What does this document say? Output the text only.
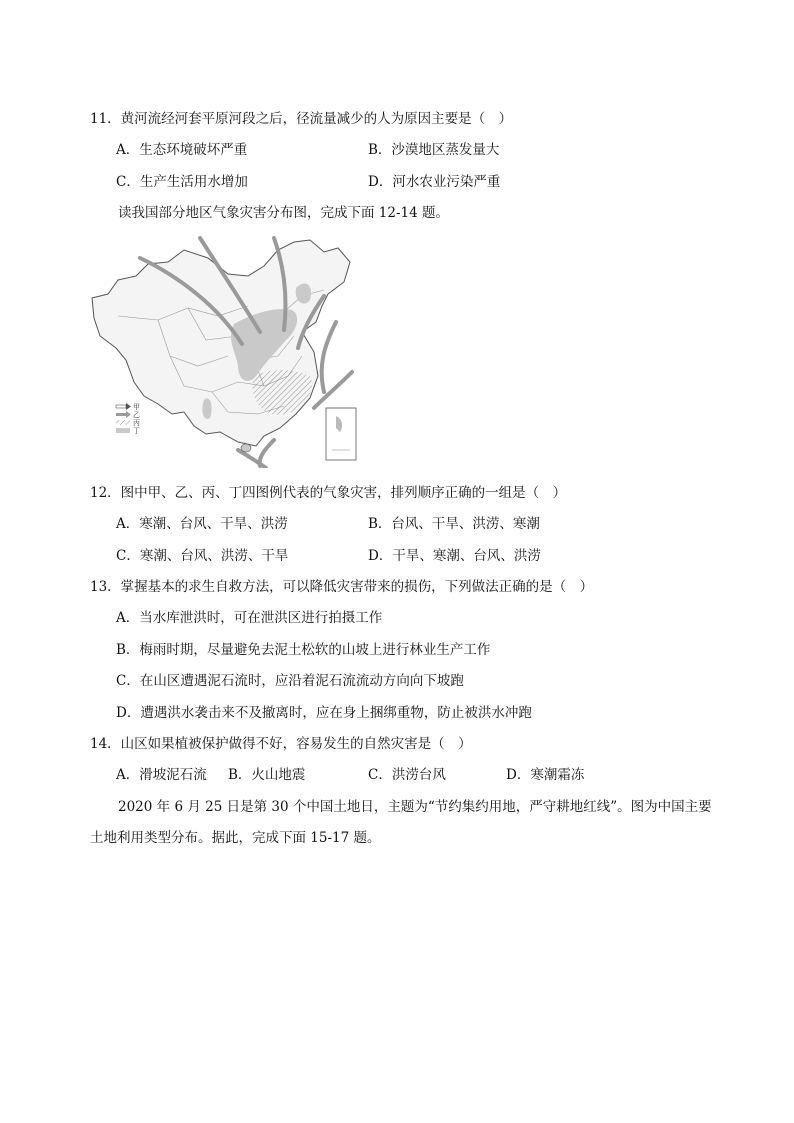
11．黄河流经河套平原河段之后，径流量减少的人为原因主要是（　）
A．生态环境破坏严重	B．沙漠地区蒸发量大
C．生产生活用水增加	D．河水农业污染严重
读我国部分地区气象灾害分布图，完成下面 12-14 题。
甲
乙
丙
丁
12．图中甲、乙、丙、丁四图例代表的气象灾害，排列顺序正确的一组是（　）
A．寒潮、台风、干旱、洪涝	B．台风、干旱、洪涝、寒潮
C．寒潮、台风、洪涝、干旱	D．干旱、寒潮、台风、洪涝
13．掌握基本的求生自救方法，可以降低灾害带来的损伤，下列做法正确的是（　）
A．当水库泄洪时，可在泄洪区进行拍摄工作
B．梅雨时期，尽量避免去泥土松软的山坡上进行林业生产工作
C．在山区遭遇泥石流时，应沿着泥石流流动方向向下坡跑
D．遭遇洪水袭击来不及撤离时，应在身上捆绑重物，防止被洪水冲跑
14．山区如果植被保护做得不好，容易发生的自然灾害是（　）
A．滑坡泥石流 B．火山地震	C．洪涝台风	D．寒潮霜冻
2020 年 6 月 25 日是第 30 个中国土地日，主题为“节约集约用地，严守耕地红线”。图为中国主要
土地利用类型分布。据此，完成下面 15-17 题。
